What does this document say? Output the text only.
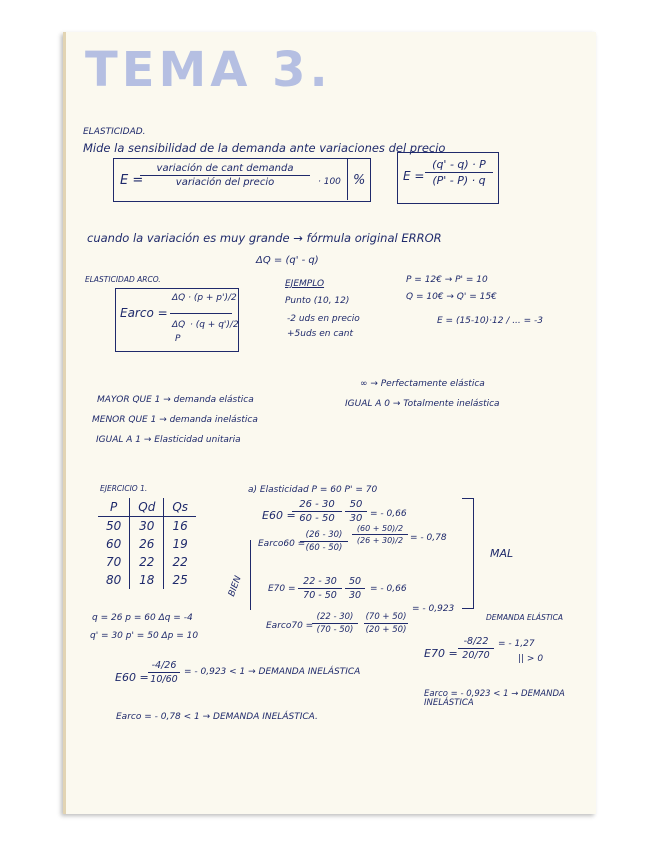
TEMA 3.
ELASTICIDAD.
Mide la sensibilidad de la demanda ante variaciones del precio
E =
variación de cant demanda
variación del precio	· 100 %	E =
(q' - q) · P
(P' - P) · q
cuando la variación es muy grande → fórmula original ERROR
ΔQ = (q' - q)
ELASTICIDAD ARCO.
Earco =
ΔQ · (p + p')/2
ΔQ
P
· (q + q')/2
EJEMPLO
Punto (10, 12)
-2 uds en precio
+5uds en cant
P = 12€ → P' = 10
Q = 10€ → Q' = 15€
E = (15-10)·12 / ... = -3
MAYOR QUE 1 → demanda elástica
MENOR QUE 1 → demanda inelástica
IGUAL A 1 → Elasticidad unitaria
∞ → Perfectamente elástica
IGUAL A 0 → Totalmente inelástica
EJERCICIO 1.
P	Qd	Qs
50	30	16
60	26	19
70	22	22
80	18	25
a) Elasticidad P = 60 P' = 70
E60 =
26 - 30
60 - 50
50
30 = - 0,66
Earco60 =
(26 - 30)
(60 - 50)
(60 + 50)/2
(26 + 30)/2 = - 0,78
BIEN	E70 =
22 - 30
70 - 50
50
30
= - 0,66
Earco70 =
(22 - 30)
(70 - 50)
(70 + 50)
(20 + 50)
= - 0,923
MAL
q = 26 p = 60 Δq = -4
q' = 30 p' = 50 Δp = 10
E60 =
-4/26
10/60
= - 0,923 < 1 → DEMANDA INELÁSTICA
Earco = - 0,78 < 1 → DEMANDA INELÁSTICA.
DEMANDA ELÁSTICA
E70 =
-8/22
20/70
= - 1,27
|| > 0
Earco = - 0,923 < 1 → DEMANDA INELÁSTICA
